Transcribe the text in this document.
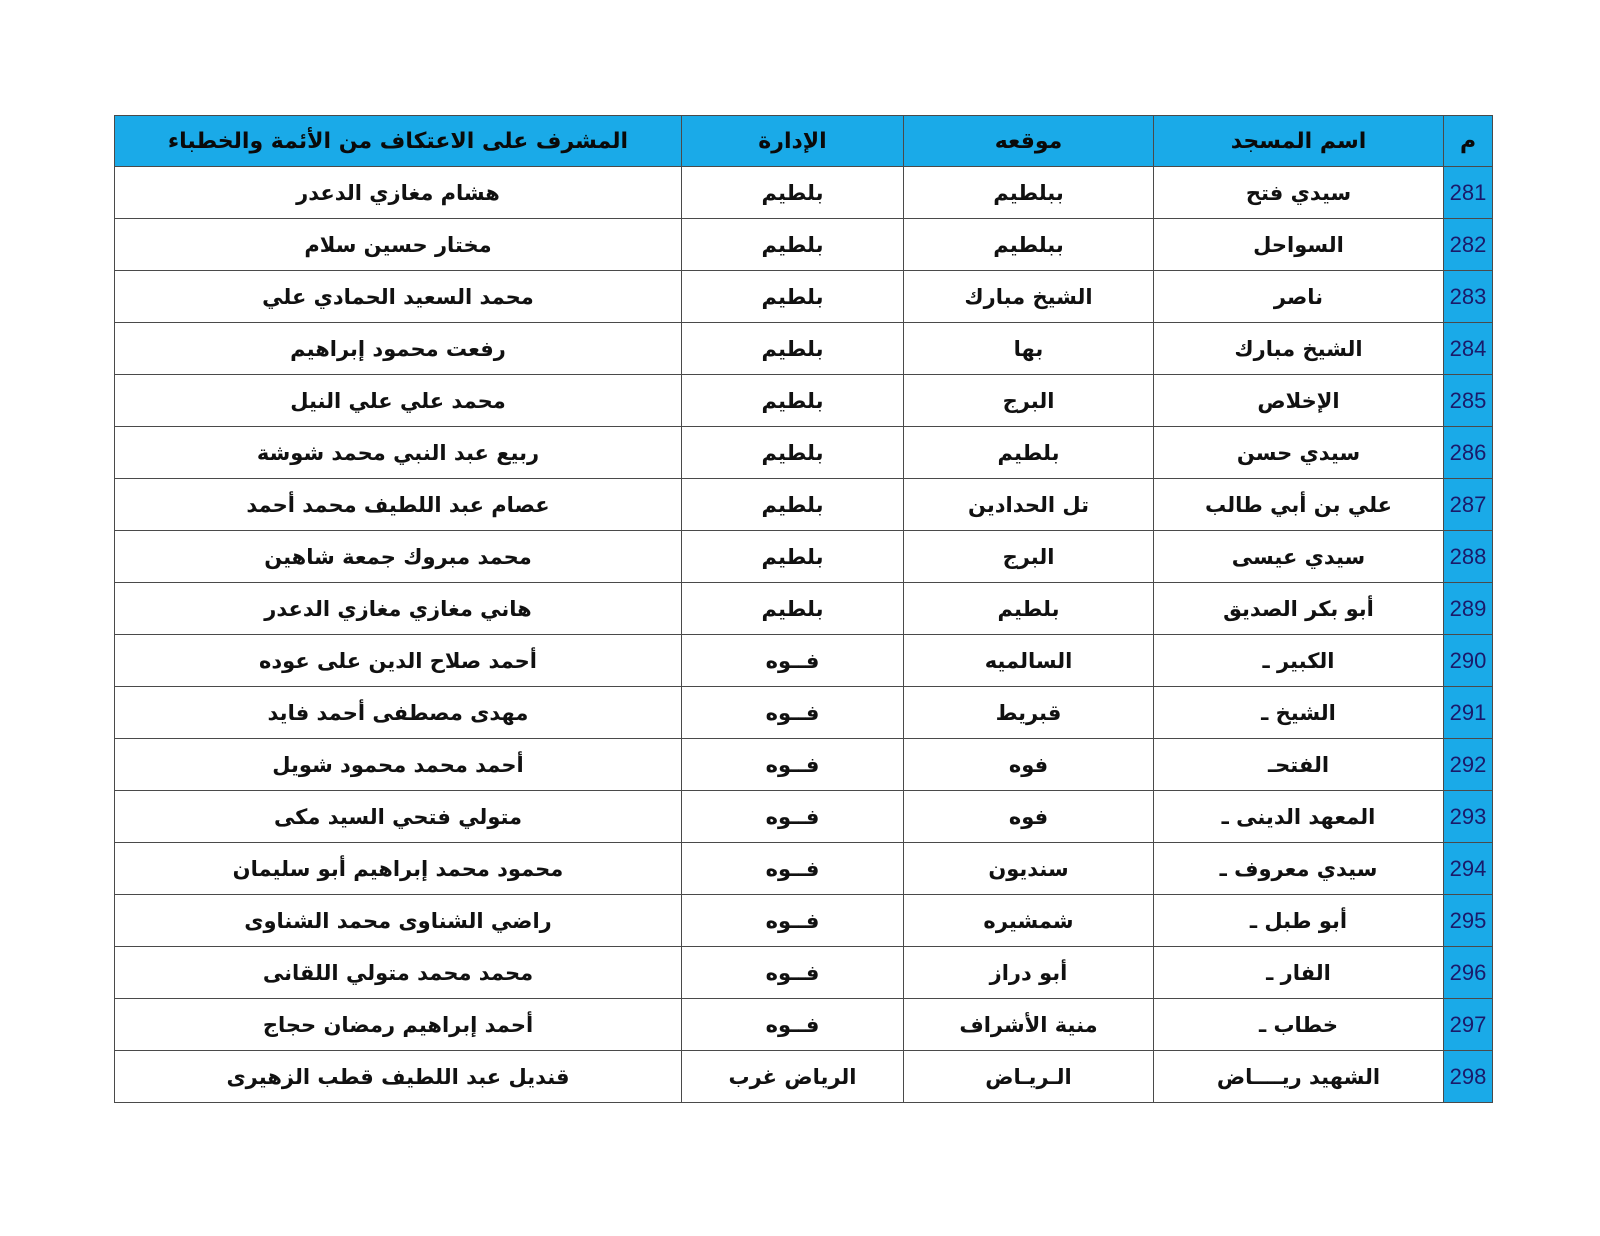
م	اسم المسجد	موقعه	الإدارة	المشرف على الاعتكاف من الأئمة والخطباء
281	سيدي فتح	ببلطيم	بلطيم	هشام مغازي الدعدر
282	السواحل	ببلطيم	بلطيم	مختار حسين سلام
283	ناصر	الشيخ مبارك	بلطيم	محمد السعيد الحمادي علي
284	الشيخ مبارك	بها	بلطيم	رفعت محمود إبراهيم
285	الإخلاص	البرج	بلطيم	محمد علي علي النيل
286	سيدي حسن	بلطيم	بلطيم	ربيع عبد النبي محمد شوشة
287	علي بن أبي طالب	تل الحدادين	بلطيم	عصام عبد اللطيف محمد أحمد
288	سيدي عيسى	البرج	بلطيم	محمد مبروك جمعة شاهين
289	أبو بكر الصديق	بلطيم	بلطيم	هاني مغازي مغازي الدعدر
290	الكبير ـ	السالميه	فــوه	أحمد صلاح الدين على عوده
291	الشيخ ـ	قبريط	فــوه	مهدى مصطفى أحمد فايد
292	الفتحـ	فوه	فــوه	أحمد محمد محمود شويل
293	المعهد الدينى ـ	فوه	فــوه	متولي فتحي السيد مكى
294	سيدي معروف ـ	سنديون	فــوه	محمود محمد إبراهيم أبو سليمان
295	أبو طبل ـ	شمشيره	فــوه	راضي الشناوى محمد الشناوى
296	الفار ـ	أبو دراز	فــوه	محمد محمد متولي اللقانى
297	خطاب ـ	منية الأشراف	فــوه	أحمد إبراهيم رمضان حجاج
298	الشهيد ريــــاض	الـريـاض	الرياض غرب	قنديل عبد اللطيف قطب الزهيرى
